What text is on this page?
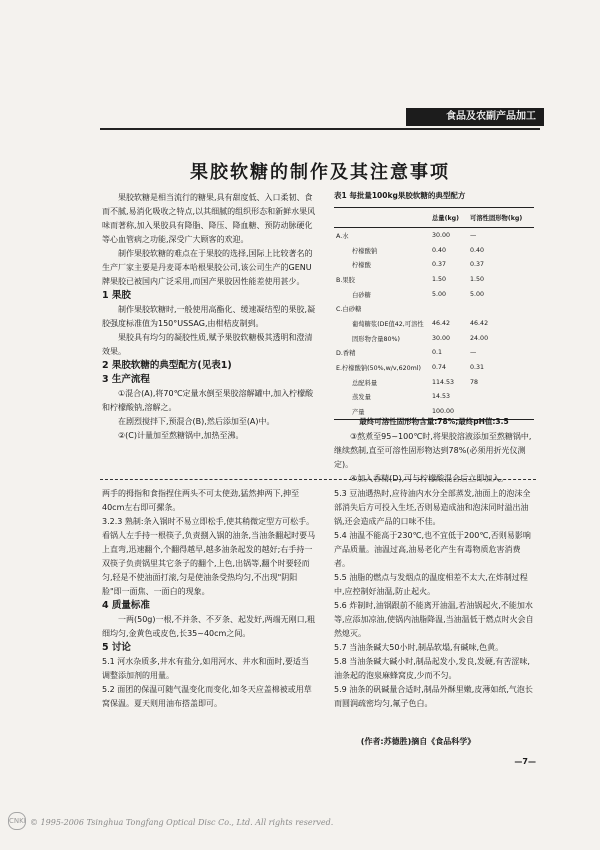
食品及农副产品加工
果胶软糖的制作及其注意事项

果胶软糖是相当流行的糖果,具有甜度低、入口柔韧、食而不腻,易消化吸收之特点,以其细腻的组织形态和新鲜水果风味而著称,加入果胶具有降脂、降压、降血糖、预防动脉硬化等心血管病之功能,深受广大顾客的欢迎。

制作果胶软糖的难点在于果胶的选择,国际上比较著名的生产厂家主要是丹麦哥本哈根果胶公司,该公司生产的GENU牌果胶已被国内广泛采用,而国产果胶因性能差使用甚少。

1 果胶

制作果胶软糖时,一般使用高酯化、缓速凝结型的果胶,凝胶强度标准值为150°USSAG,由柑桔皮制到。

果胶具有均匀的凝胶性质,赋予果胶软糖极其透明和澄清效果。

2 果胶软糖的典型配方(见表1)

3 生产流程

①混合(A),将70℃定量水倒至果胶溶解罐中,加入柠檬酸和柠檬酸钠,溶解之。

在剧烈搅拌下,预混合(B),然后添加至(A)中。

②(C)计量加至熬糖锅中,加热至沸。

表1 每批量100kg果胶软糖的典型配方

	总量(kg)	可溶性固形物(kg)
A.水	30.00	—
柠檬酸钠	0.40	0.40
柠檬酸	0.37	0.37
B.果胶	1.50	1.50
白砂糖	5.00	5.00
C.白砂糖		
葡萄糖浆(DE值42,可溶性	46.42	46.42
固形物含量80%)	30.00	24.00
D.香精	0.1	—
E.柠檬酸钠(50%,w/v,620ml)	0.74	0.31
总配料量	114.53	78
蒸发量	14.53	
产量	100.00	
最终可溶性固形物含量:78%;最终pH值:3.5

③熬煮至95~100℃时,将果胶溶液添加至熬糖锅中,继续熬制,直至可溶性固形物达到78%(必须用折光仪测定)。

④加入香精(D),可与柠檬酸混合后立即加入。

两手的拇指和食指捏住两头不可太使劲,猛然抻两下,抻至40cm左右即可摞条。

3.2.3 熟制:条入锅时不易立即松手,使其稍微定型方可松手。看锅人左手持一根筷子,负责捌入锅的油条,当油条翻起时要马上直弯,迅速翻个,个翻得越早,越多油条起发的越好;右手持一双筷子负责锅里其它条子的翻个,上色,出锅等,翻个时要轻而匀,轻是不使油面打滚,匀是使油条受热均匀,不出现"阴阳脸"即一面焦、一面白的现象。

4 质量标准

一两(50g)一根,不并条、不歹条、起发好,两端无刚口,粗细均匀,金黄色或皮色,长35~40cm之间。

5 讨论

5.1 河水杂质多,井水有盐分,如用河水、井水和面时,要适当调整添加剂的用量。

5.2 面团的保温可随气温变化而变化,如冬天应盖棉被或用草窝保温。夏天则用油布搭盖即可。

5.3 豆油遇热时,应待油内水分全部蒸发,油面上的泡沫全部消失后方可投入生坯,否则易造成油和泡沫同时溢出油锅,还会造成产品的口味不佳。

5.4 油温不能高于230℃,也不宜低于200℃,否则易影响产品质量。油温过高,油易老化产生有毒物质危害消费者。

5.5 油脂的燃点与发烟点的温度相差不太大,在炸制过程中,应控制好油温,防止起火。

5.6 炸制时,油锅跟前不能离开油温,若油锅起火,不能加水等,应添加凉油,使锅内油脂降温,当油温低于燃点时火会自然熄灭。

5.7 当油条碱大50小时,制品软塌,有碱味,色黄。

5.8 当油条碱大碱小时,制品起发小,发良,发硬,有苦涩味,油条起的泡泉麻蜂窝皮,少而不匀。

5.9 油条的矾碱量合适时,制品外酥里嫩,皮薄如纸,气泡长而圆润疏密均匀,氟子色白。

(作者:苏德胜)摘自《食品科学》
—7—
CNKI © 1995-2006 Tsinghua Tongfang Optical Disc Co., Ltd. All rights reserved.
